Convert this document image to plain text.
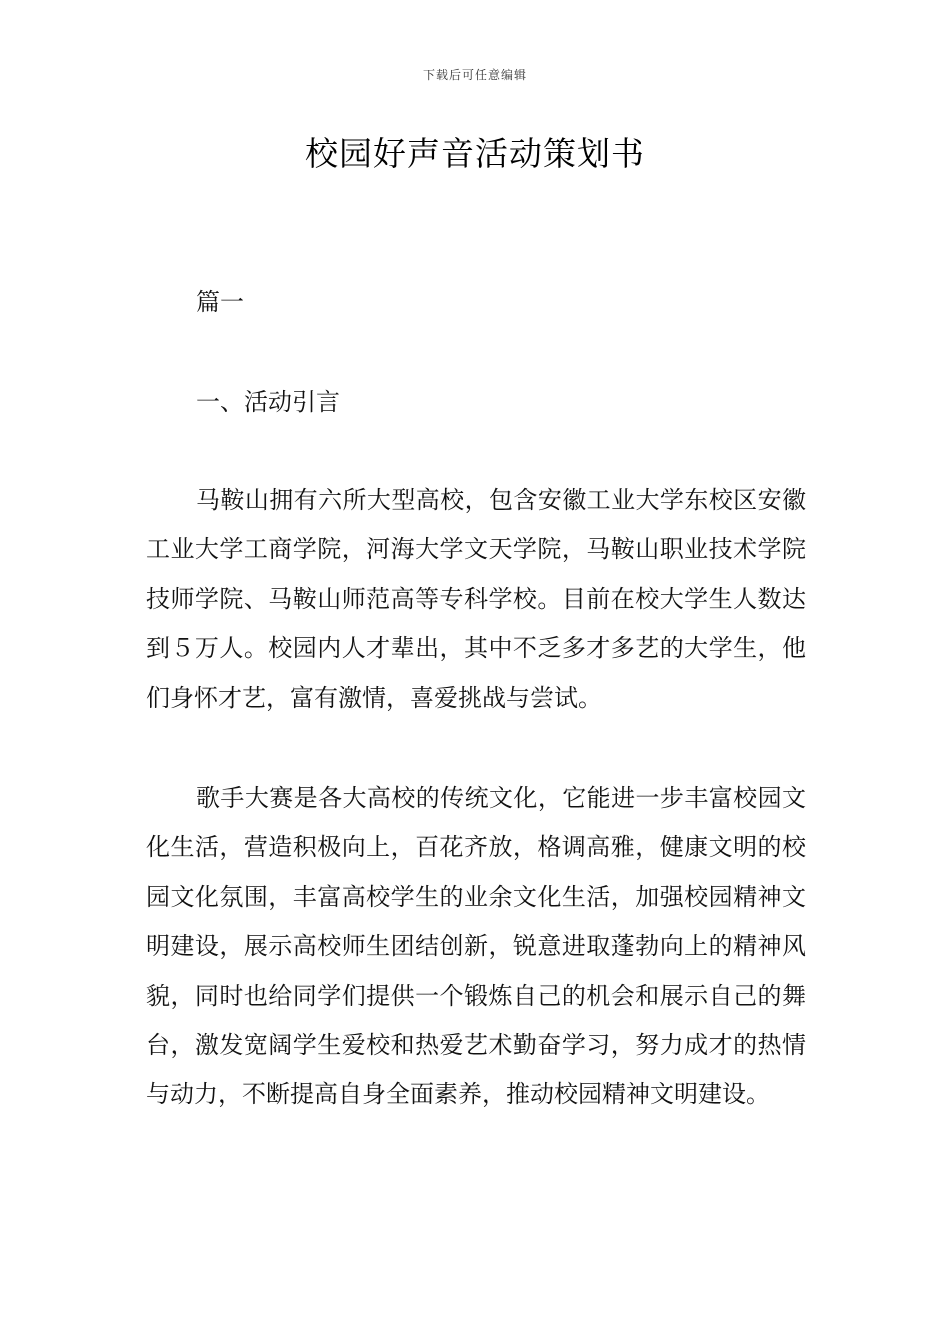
下载后可任意编辑
校园好声音活动策划书
篇一
一、活动引言

马鞍山拥有六所大型高校，包含安徽工业大学东校区安徽工业大学工商学院，河海大学文天学院，马鞍山职业技术学院技师学院、马鞍山师范高等专科学校。目前在校大学生人数达到５万人。校园内人才辈出，其中不乏多才多艺的大学生，他们身怀才艺，富有激情，喜爱挑战与尝试。

歌手大赛是各大高校的传统文化，它能进一步丰富校园文化生活，营造积极向上，百花齐放，格调高雅，健康文明的校园文化氛围，丰富高校学生的业余文化生活，加强校园精神文明建设，展示高校师生团结创新，锐意进取蓬勃向上的精神风貌，同时也给同学们提供一个锻炼自己的机会和展示自己的舞台，激发宽阔学生爱校和热爱艺术勤奋学习，努力成才的热情与动力，不断提高自身全面素养，推动校园精神文明建设。
